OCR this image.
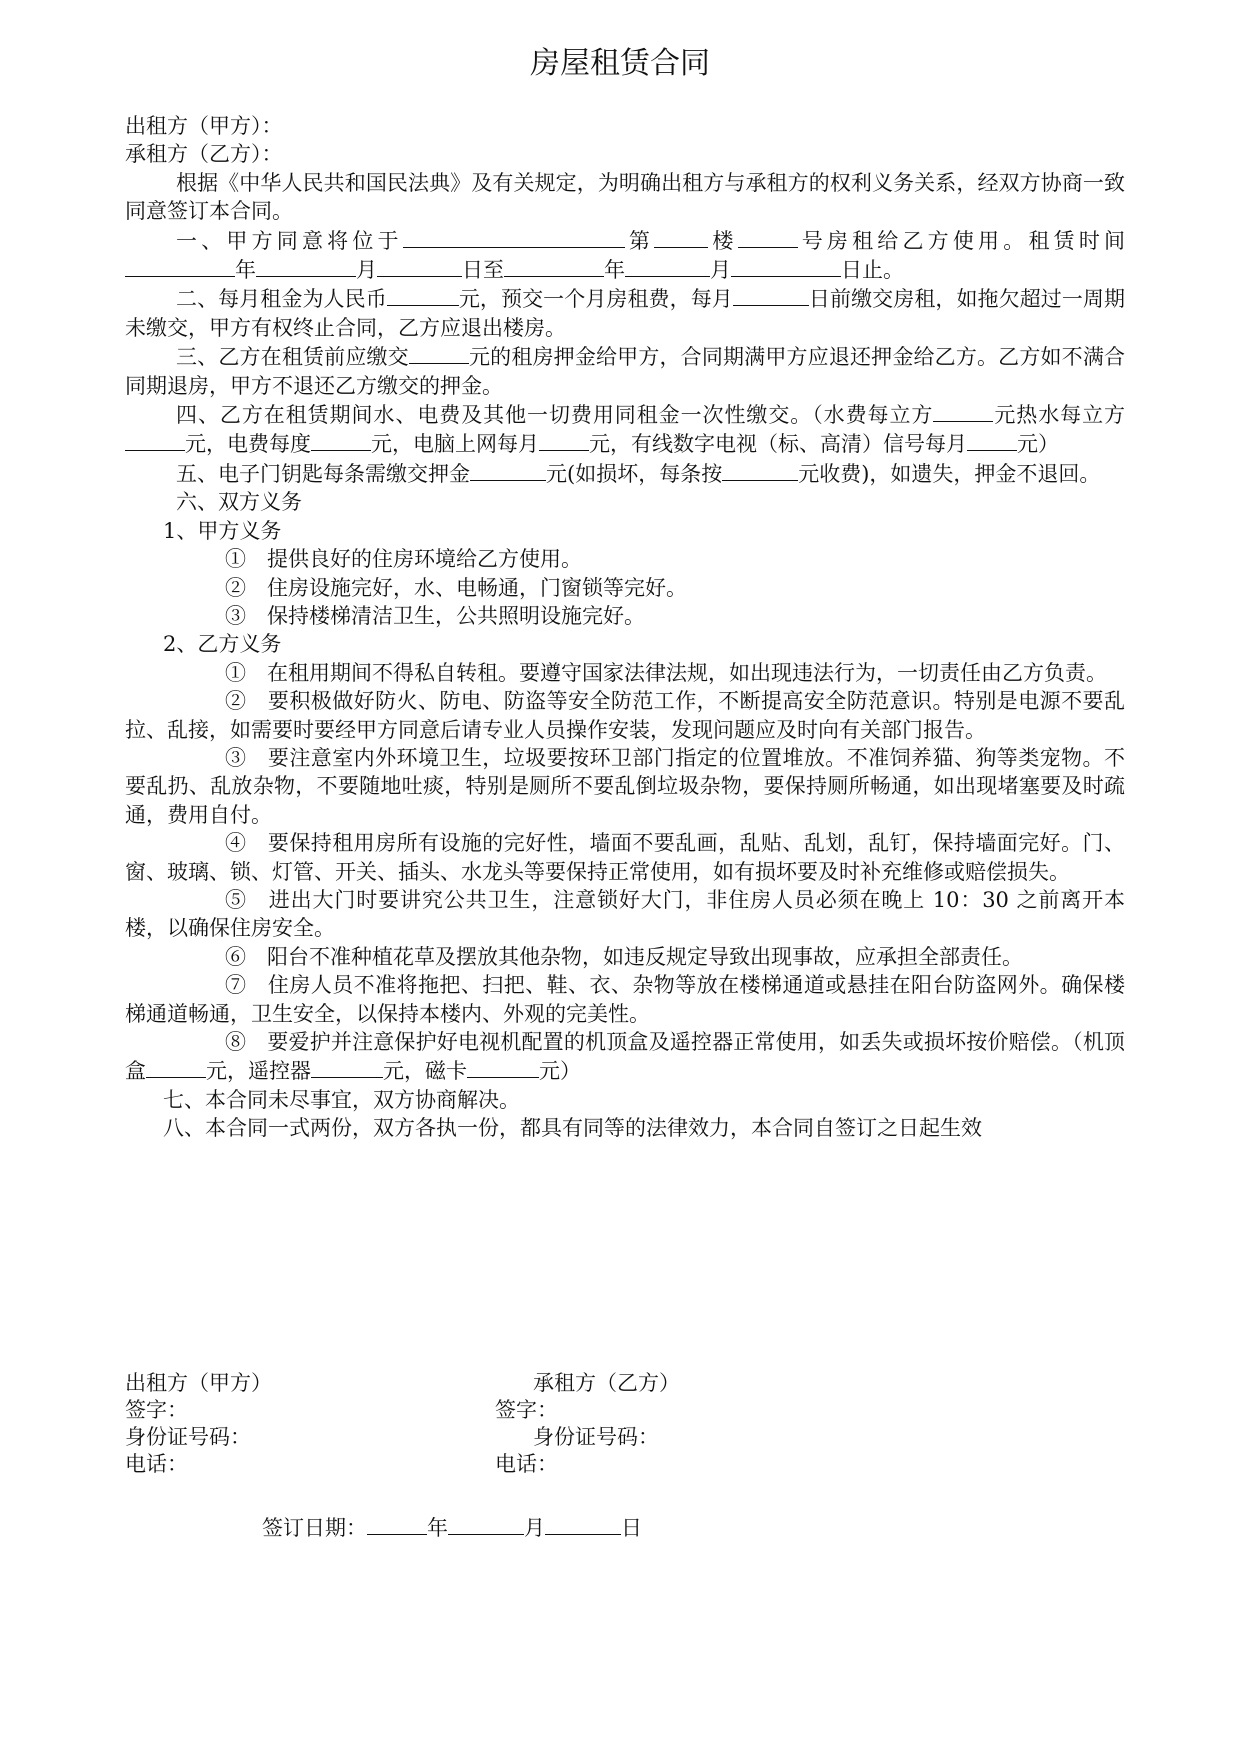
房屋租赁合同

出租方（甲方）：

承租方（乙方）：

根据《中华人民共和国民法典》及有关规定，为明确出租方与承租方的权利义务关系，经双方协商一致同意签订本合同。

一、甲方同意将位于	第	楼	号房租给乙方使用。租赁时间年	月	日至	年	月	日止。

二、每月租金为人民币	元，预交一个月房租费，每月	日前缴交房租，如拖欠超过一周期未缴交，甲方有权终止合同，乙方应退出楼房。

三、乙方在租赁前应缴交	元的租房押金给甲方，合同期满甲方应退还押金给乙方。乙方如不满合同期退房，甲方不退还乙方缴交的押金。

四、乙方在租赁期间水、电费及其他一切费用同租金一次性缴交。（水费每立方	元热水每立方元，电费每度	元，电脑上网每月 元，有线数字电视（标、高清）信号每月 元）

五、电子门钥匙每条需缴交押金	元(如损坏，每条按	元收费)，如遗失，押金不退回。

六、双方义务

1、甲方义务

①　提供良好的住房环境给乙方使用。

②　住房设施完好，水、电畅通，门窗锁等完好。

③　保持楼梯清洁卫生，公共照明设施完好。

2、乙方义务

①　在租用期间不得私自转租。要遵守国家法律法规，如出现违法行为，一切责任由乙方负责。

②　要积极做好防火、防电、防盗等安全防范工作，不断提高安全防范意识。特别是电源不要乱拉、乱接，如需要时要经甲方同意后请专业人员操作安装，发现问题应及时向有关部门报告。

③　要注意室内外环境卫生，垃圾要按环卫部门指定的位置堆放。不准饲养猫、狗等类宠物。不要乱扔、乱放杂物，不要随地吐痰，特别是厕所不要乱倒垃圾杂物，要保持厕所畅通，如出现堵塞要及时疏通，费用自付。

④　要保持租用房所有设施的完好性，墙面不要乱画，乱贴、乱划，乱钉，保持墙面完好。门、窗、玻璃、锁、灯管、开关、插头、水龙头等要保持正常使用，如有损坏要及时补充维修或赔偿损失。

⑤　进出大门时要讲究公共卫生，注意锁好大门，非住房人员必须在晚上 10：30 之前离开本楼，以确保住房安全。

⑥　阳台不准种植花草及摆放其他杂物，如违反规定导致出现事故，应承担全部责任。

⑦　住房人员不准将拖把、扫把、鞋、衣、杂物等放在楼梯通道或悬挂在阳台防盗网外。确保楼梯通道畅通，卫生安全，以保持本楼内、外观的完美性。

⑧　要爱护并注意保护好电视机配置的机顶盒及遥控器正常使用，如丢失或损坏按价赔偿。（机顶盒	元，遥控器	元，磁卡	元）

七、本合同未尽事宜，双方协商解决。

八、本合同一式两份，双方各执一份，都具有同等的法律效力，本合同自签订之日起生效

出租方（甲方）
签字：
身份证号码：
电话：
承租方（乙方）
签字：
身份证号码：
电话：
签订日期：	年	月	日
